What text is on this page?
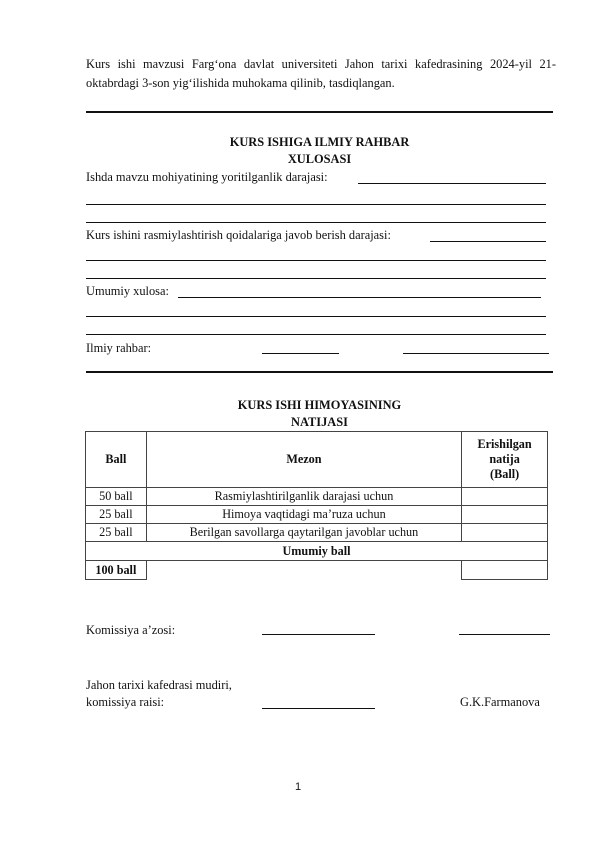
Kurs ishi mavzusi Farg‘ona davlat universiteti Jahon tarixi kafedrasining 2024-yil 21-oktabrdagi 3-son yig‘ilishida muhokama qilinib, tasdiqlangan.
KURS ISHIGA ILMIY RAHBAR
XULOSASI
Ishda mavzu mohiyatining yoritilganlik darajasi:
Kurs ishini rasmiylashtirish qoidalariga javob berish darajasi:
Umumiy xulosa:
Ilmiy rahbar:
KURS ISHI HIMOYASINING
NATIJASI
Ball	Mezon	Erishilgan
natija
(Ball)

50 ball	Rasmiylashtirilganlik darajasi uchun	
25 ball	Himoya vaqtidagi ma’ruza uchun	
25 ball	Berilgan savollarga qaytarilgan javoblar uchun	
Umumiy ball		
100 ball		
Komissiya a’zosi:
Jahon tarixi kafedrasi mudiri,
komissiya raisi:	G.K.Farmanova
1
